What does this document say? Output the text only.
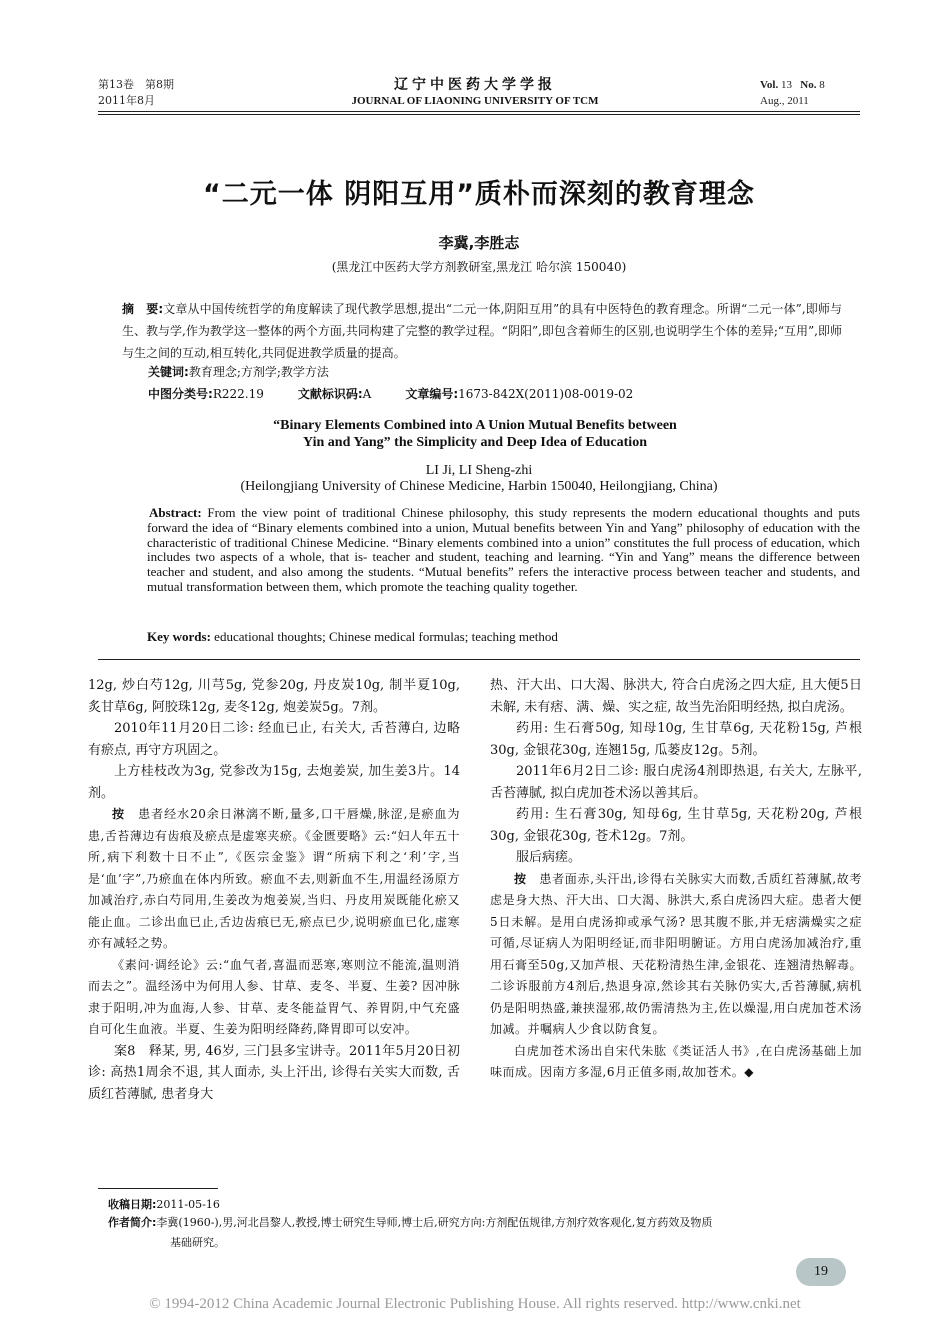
第13卷　第8期
2011年8月
辽宁中医药大学学报
JOURNAL OF LIAONING UNIVERSITY OF TCM
Vol. 13 No. 8
Aug., 2011
“二元一体 阴阳互用”质朴而深刻的教育理念
李冀,李胜志
(黑龙江中医药大学方剂教研室,黑龙江 哈尔滨 150040)
摘　要:文章从中国传统哲学的角度解读了现代教学思想,提出“二元一体,阴阳互用”的具有中医特色的教育理念。所谓“二元一体”,即师与生、教与学,作为教学这一整体的两个方面,共同构建了完整的教学过程。“阴阳”,即包含着师生的区别,也说明学生个体的差异;“互用”,即师与生之间的互动,相互转化,共同促进教学质量的提高。
关键词:教育理念;方剂学;教学方法
中图分类号:R222.19	文献标识码:A	文章编号:1673-842X(2011)08-0019-02
“Binary Elements Combined into A Union Mutual Benefits between
Yin and Yang” the Simplicity and Deep Idea of Education
LI Ji, LI Sheng-zhi
(Heilongjiang University of Chinese Medicine, Harbin 150040, Heilongjiang, China)
Abstract: From the view point of traditional Chinese philosophy, this study represents the modern educational thoughts and puts forward the idea of “Binary elements combined into a union, Mutual benefits between Yin and Yang” philosophy of education with the characteristic of traditional Chinese Medicine. “Binary elements combined into a union” constitutes the full process of education, which includes two aspects of a whole, that is- teacher and student, teaching and learning. “Yin and Yang” means the difference between teacher and student, and also among the students. “Mutual benefits” refers the interactive process between teacher and students, and mutual transformation between them, which promote the teaching quality together.
Key words: educational thoughts; Chinese medical formulas; teaching method

12g, 炒白芍12g, 川芎5g, 党参20g, 丹皮炭10g, 制半夏10g, 炙甘草6g, 阿胶珠12g, 麦冬12g, 炮姜炭5g。7剂。

2010年11月20日二诊: 经血已止, 右关大, 舌苔薄白, 边略有瘀点, 再守方巩固之。

上方桂枝改为3g, 党参改为15g, 去炮姜炭, 加生姜3片。14剂。

按　 患者经水20余日淋漓不断,量多,口干唇燥,脉涩,是瘀血为患,舌苔薄边有齿痕及瘀点是虚寒夹瘀。《金匮要略》云:“妇人年五十所,病下利数十日不止”,《医宗金鉴》谓“所病下利之‘利’字,当是‘血’字”,乃瘀血在体内所致。瘀血不去,则新血不生,用温经汤原方加减治疗,赤白芍同用,生姜改为炮姜炭,当归、丹皮用炭既能化瘀又能止血。二诊出血已止,舌边齿痕已无,瘀点已少,说明瘀血已化,虚寒亦有减轻之势。

《素问·调经论》云:“血气者,喜温而恶寒,寒则泣不能流,温则消而去之”。温经汤中为何用人参、甘草、麦冬、半夏、生姜? 因冲脉隶于阳明,冲为血海,人参、甘草、麦冬能益胃气、养胃阴,中气充盛自可化生血液。半夏、生姜为阳明经降药,降胃即可以安冲。

案8　 释某, 男, 46岁, 三门县多宝讲寺。2011年5月20日初诊: 高热1周余不退, 其人面赤, 头上汗出, 诊得右关实大而数, 舌质红苔薄腻, 患者身大

热、汗大出、口大渴、脉洪大, 符合白虎汤之四大症, 且大便5日未解, 未有痞、满、燥、实之症, 故当先治阳明经热, 拟白虎汤。

药用: 生石膏50g, 知母10g, 生甘草6g, 天花粉15g, 芦根30g, 金银花30g, 连翘15g, 瓜蒌皮12g。5剂。

2011年6月2日二诊: 服白虎汤4剂即热退, 右关大, 左脉平, 舌苔薄腻, 拟白虎加苍术汤以善其后。

药用: 生石膏30g, 知母6g, 生甘草5g, 天花粉20g, 芦根30g, 金银花30g, 苍术12g。7剂。

服后病瘥。

按　 患者面赤,头汗出,诊得右关脉实大而数,舌质红苔薄腻,故考虑是身大热、汗大出、口大渴、脉洪大,系白虎汤四大症。患者大便5日未解。是用白虎汤抑或承气汤? 思其腹不胀,并无痞满燥实之症可循,尽证病人为阳明经证,而非阳明腑证。方用白虎汤加减治疗,重用石膏至50g,又加芦根、天花粉清热生津,金银花、连翘清热解毒。二诊诉服前方4剂后,热退身凉,然诊其右关脉仍实大,舌苔薄腻,病机仍是阳明热盛,兼挟湿邪,故仍需清热为主,佐以燥湿,用白虎加苍术汤加减。并嘱病人少食以防食复。

白虎加苍术汤出自宋代朱肱《类证活人书》,在白虎汤基础上加味而成。因南方多湿,6月正值多雨,故加苍术。◆

收稿日期:2011-05-16
作者简介:李冀(1960-),男,河北昌黎人,教授,博士研究生导师,博士后,研究方向:方剂配伍规律,方剂疗效客观化,复方药效及物质
基础研究。
19
© 1994-2012 China Academic Journal Electronic Publishing House. All rights reserved. http://www.cnki.net
